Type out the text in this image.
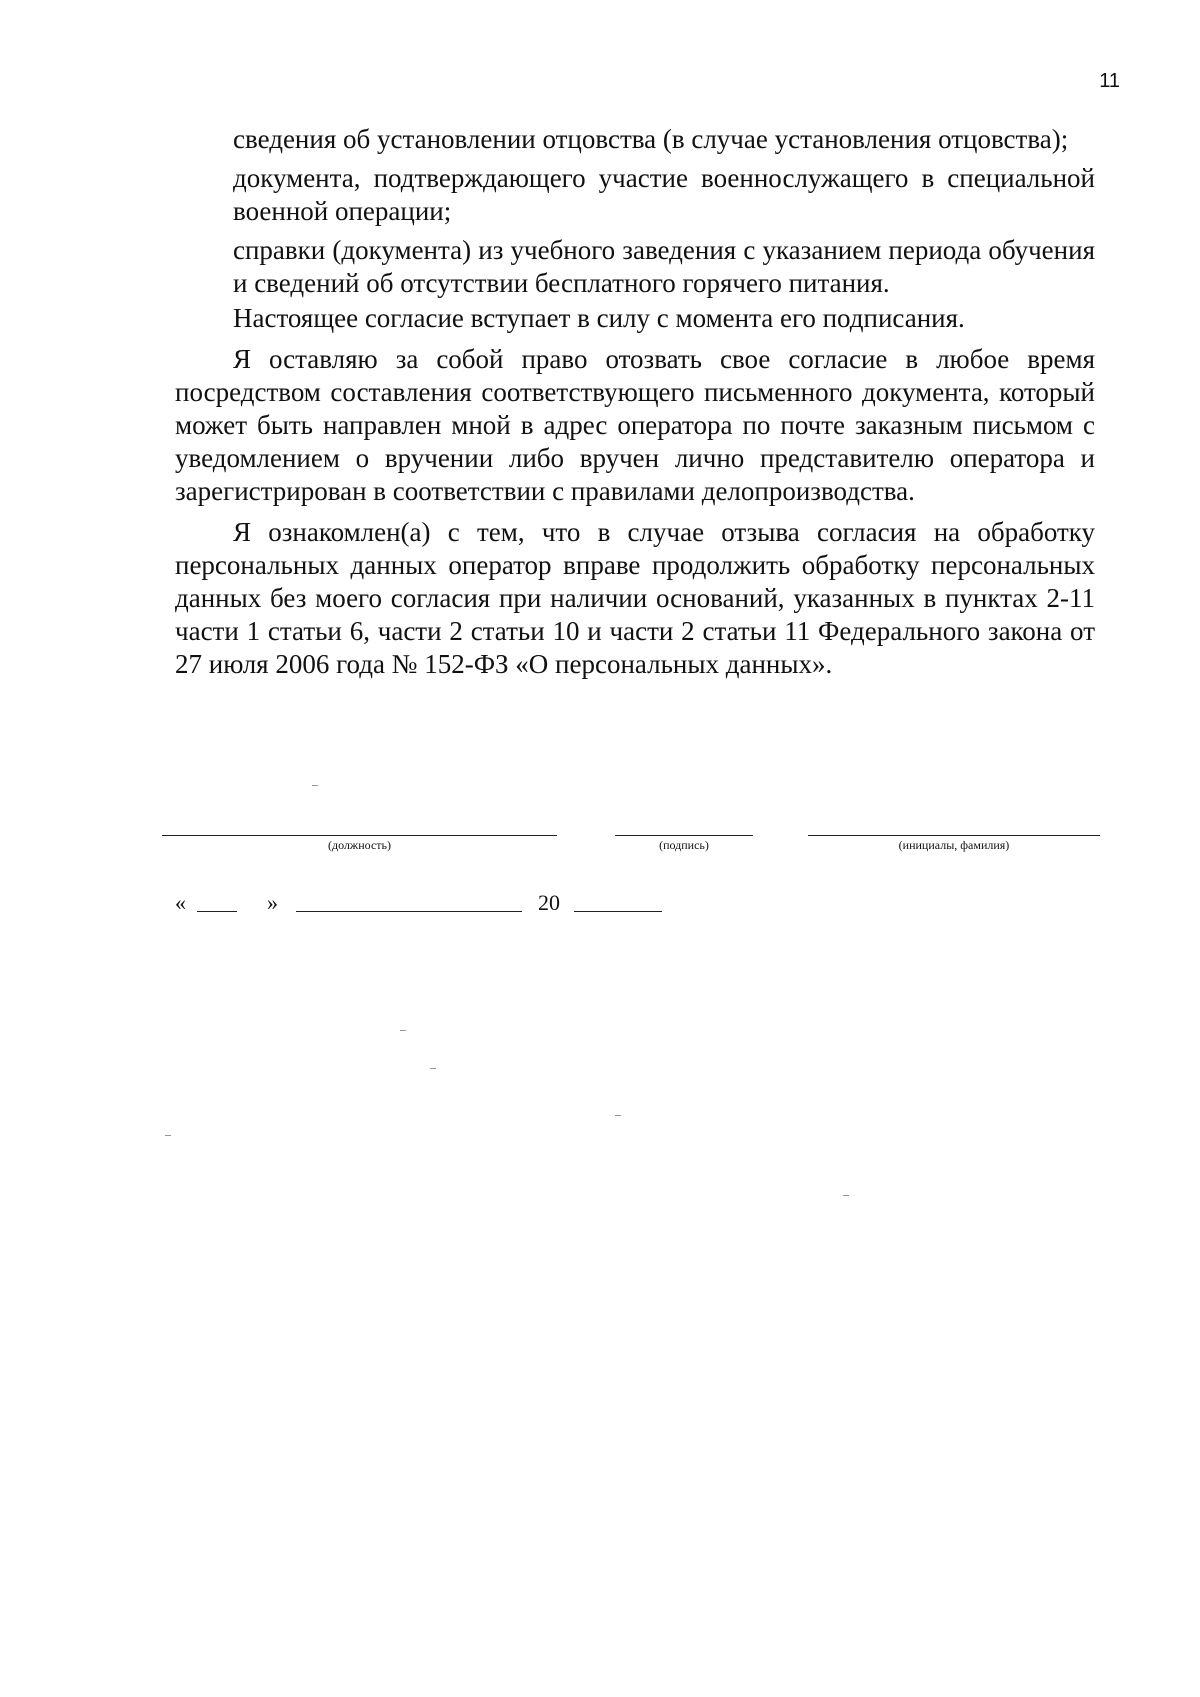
11

сведения об установлении отцовства (в случае установления отцовства);

документа, подтверждающего участие военнослужащего в специальной военной операции;

справки (документа) из учебного заведения с указанием периода обучения и сведений об отсутствии бесплатного горячего питания.

Настоящее согласие вступает в силу с момента его подписания.

Я оставляю за собой право отозвать свое согласие в любое время посредством составления соответствующего письменного документа, который может быть направлен мной в адрес оператора по почте заказным письмом с уведомлением о вручении либо вручен лично представителю оператора и зарегистрирован в соответствии с правилами делопроизводства.

Я ознакомлен(а) с тем, что в случае отзыва согласия на обработку персональных данных оператор вправе продолжить обработку персональных данных без моего согласия при наличии оснований, указанных в пунктах 2-11 части 1 статьи 6, части 2 статьи 10 и части 2 статьи 11 Федерального закона от 27 июля 2006 года № 152-ФЗ «О персональных данных».

(должность)	(подпись)	(инициалы, фамилия)
«	»	20
